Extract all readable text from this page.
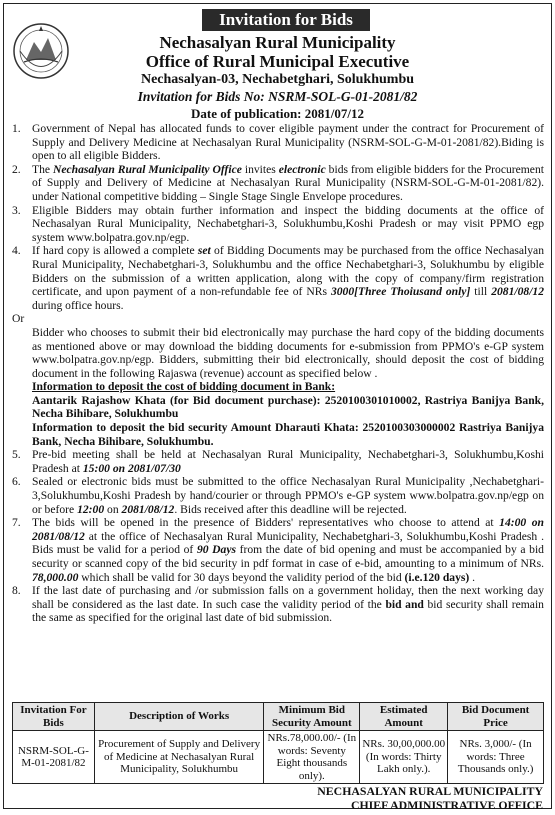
Invitation for Bids
Nechasalyan Rural Municipality
Office of Rural Municipal Executive
Nechasalyan-03, Nechabetghari, Solukhumbu
Invitation for Bids No: NSRM-SOL-G-01-2081/82
Date of publication: 2081/07/12
1. Government of Nepal has allocated funds to cover eligible payment under the contract for Procurement of Supply and Delivery Medicine at Nechasalyan Rural Municipality (NSRM-SOL-G-M-01-2081/82).Biding is open to all eligible Bidders.
2. The Nechasalyan Rural Municipality Office invites electronic bids from eligible bidders for the Procurement of Supply and Delivery of Medicine at Nechasalyan Rural Municipality (NSRM-SOL-G-M-01-2081/82). under National competitive bidding – Single Stage Single Envelope procedures.
3. Eligible Bidders may obtain further information and inspect the bidding documents at the office of Nechasalyan Rural Municipality, Nechabetghari-3, Solukhumbu,Koshi Pradesh or may visit PPMO egp system www.bolpatra.gov.np/egp.
4. If hard copy is allowed a complete set of Bidding Documents may be purchased from the office Nechasalyan Rural Municipality, Nechabetghari-3, Solukhumbu and the office Nechabetghari-3, Solukhumbu by eligible Bidders on the submission of a written application, along with the copy of company/firm registration certificate, and upon payment of a non-refundable fee of NRs 3000[Three Thoiusand only] till 2081/08/12 during office hours.
Or
Bidder who chooses to submit their bid electronically may purchase the hard copy of the bidding documents as mentioned above or may download the bidding documents for e-submission from PPMO's e-GP system www.bolpatra.gov.np/egp. Bidders, submitting their bid electronically, should deposit the cost of bidding document in the following Rajaswa (revenue) account as specified below .
Information to deposit the cost of bidding document in Bank:
Aantarik Rajashow Khata (for Bid document purchase): 2520100301010002, Rastriya Banijya Bank, Necha Bihibare, Solukhumbu
Information to deposit the bid security Amount Dharauti Khata: 2520100303000002 Rastriya Banijya Bank, Necha Bihibare, Solukhumbu.
5. Pre-bid meeting shall be held at Nechasalyan Rural Municipality, Nechabetghari-3, Solukhumbu,Koshi Pradesh at 15:00 on 2081/07/30
6. Sealed or electronic bids must be submitted to the office Nechasalyan Rural Municipality ,Nechabetghari-3,Solukhumbu,Koshi Pradesh by hand/courier or through PPMO's e-GP system www.bolpatra.gov.np/egp on or before 12:00 on 2081/08/12. Bids received after this deadline will be rejected.
7. The bids will be opened in the presence of Bidders' representatives who choose to attend at 14:00 on 2081/08/12 at the office of Nechasalyan Rural Municipality, Nechabetghari-3, Solukhumbu,Koshi Pradesh . Bids must be valid for a period of 90 Days from the date of bid opening and must be accompanied by a bid security or scanned copy of the bid security in pdf format in case of e-bid, amounting to a minimum of NRs. 78,000.00 which shall be valid for 30 days beyond the validity period of the bid (i.e.120 days) .
8. If the last date of purchasing and /or submission falls on a government holiday, then the next working day shall be considered as the last date. In such case the validity period of the bid and bid security shall remain the same as specified for the original last date of bid submission.
Invitation For Bids	Description of Works	Minimum Bid Security Amount	Estimated Amount	Bid Document Price
NSRM-SOL-G-M-01-2081/82	Procurement of Supply and Delivery of Medicine at Nechasalyan Rural Municipality, Solukhumbu	NRs.78,000.00/- (In words: Seventy Eight thousands only).	NRs. 30,00,000.00 (In words: Thirty Lakh only.).	NRs. 3,000/- (In words: Three Thousands only.)
NECHASALYAN RURAL MUNICIPALITY
CHIEF ADMINISTRATIVE OFFICE
